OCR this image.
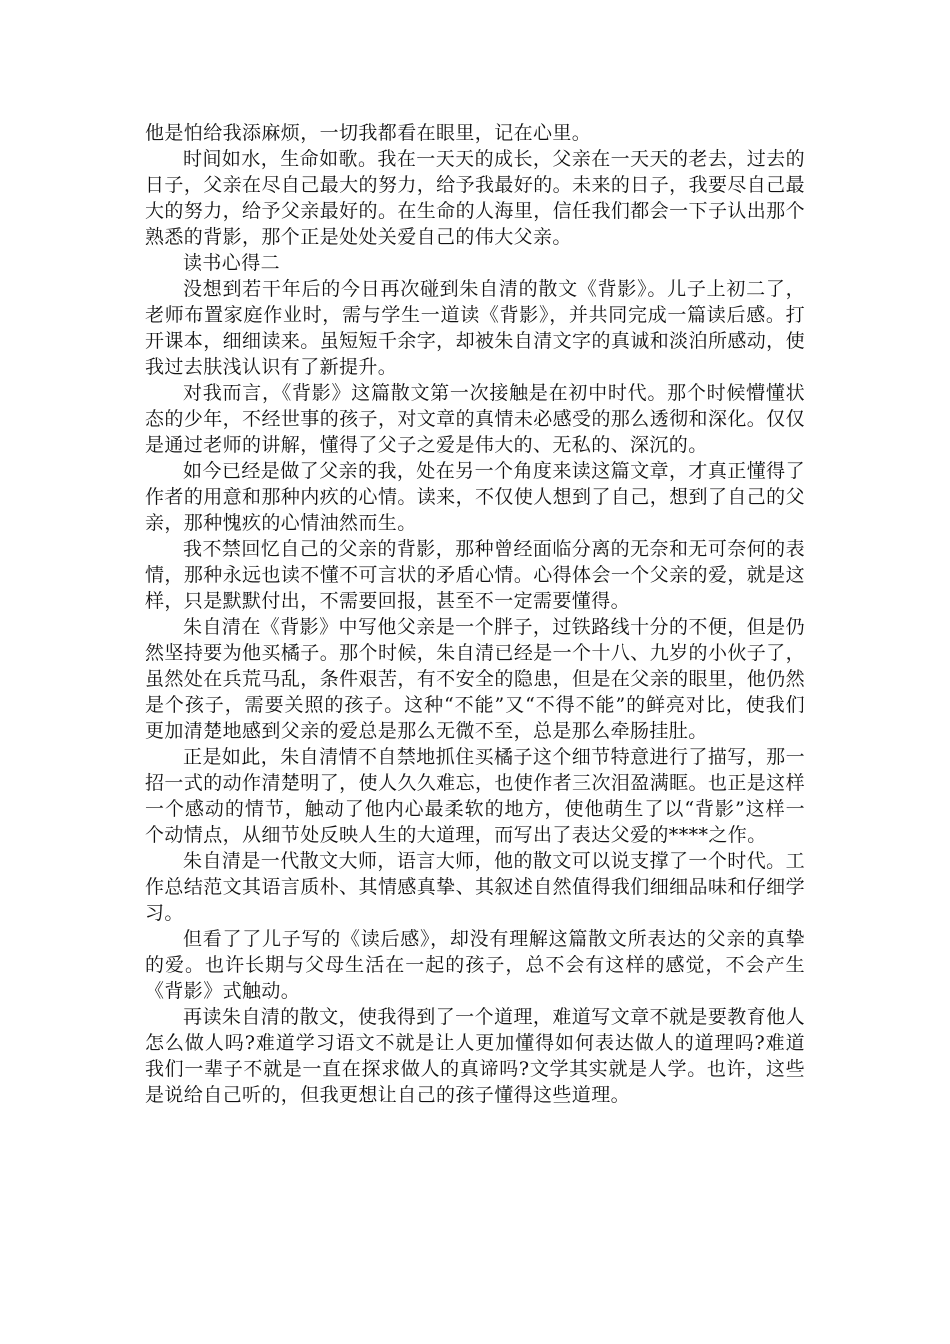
他是怕给我添麻烦，一切我都看在眼里，记在心里。

时间如水，生命如歌。我在一天天的成长，父亲在一天天的老去，过去的日子，父亲在尽自己最大的努力，给予我最好的。未来的日子，我要尽自己最大的努力，给予父亲最好的。在生命的人海里，信任我们都会一下子认出那个熟悉的背影，那个正是处处关爱自己的伟大父亲。

读书心得二

没想到若干年后的今日再次碰到朱自清的散文《背影》。儿子上初二了，老师布置家庭作业时，需与学生一道读《背影》，并共同完成一篇读后感。打开课本，细细读来。虽短短千余字，却被朱自清文字的真诚和淡泊所感动，使我过去肤浅认识有了新提升。

对我而言，《背影》这篇散文第一次接触是在初中时代。那个时候懵懂状态的少年，不经世事的孩子，对文章的真情未必感受的那么透彻和深化。仅仅是通过老师的讲解，懂得了父子之爱是伟大的、无私的、深沉的。

如今已经是做了父亲的我，处在另一个角度来读这篇文章，才真正懂得了作者的用意和那种内疚的心情。读来，不仅使人想到了自己，想到了自己的父亲，那种愧疚的心情油然而生。

我不禁回忆自己的父亲的背影，那种曾经面临分离的无奈和无可奈何的表情，那种永远也读不懂不可言状的矛盾心情。心得体会一个父亲的爱，就是这样，只是默默付出，不需要回报，甚至不一定需要懂得。

朱自清在《背影》中写他父亲是一个胖子，过铁路线十分的不便，但是仍然坚持要为他买橘子。那个时候，朱自清已经是一个十八、九岁的小伙子了，虽然处在兵荒马乱，条件艰苦，有不安全的隐患，但是在父亲的眼里，他仍然是个孩子，需要关照的孩子。这种“不能”又“不得不能”的鲜亮对比，使我们更加清楚地感到父亲的爱总是那么无微不至，总是那么牵肠挂肚。

正是如此，朱自清情不自禁地抓住买橘子这个细节特意进行了描写，那一招一式的动作清楚明了，使人久久难忘，也使作者三次泪盈满眶。也正是这样一个感动的情节，触动了他内心最柔软的地方，使他萌生了以“背影”这样一个动情点，从细节处反映人生的大道理，而写出了表达父爱的****之作。

朱自清是一代散文大师，语言大师，他的散文可以说支撑了一个时代。工作总结范文其语言质朴、其情感真挚、其叙述自然值得我们细细品味和仔细学习。

但看了了儿子写的《读后感》，却没有理解这篇散文所表达的父亲的真挚的爱。也许长期与父母生活在一起的孩子，总不会有这样的感觉，不会产生《背影》式触动。

再读朱自清的散文，使我得到了一个道理，难道写文章不就是要教育他人怎么做人吗?难道学习语文不就是让人更加懂得如何表达做人的道理吗?难道我们一辈子不就是一直在探求做人的真谛吗?文学其实就是人学。也许，这些是说给自己听的，但我更想让自己的孩子懂得这些道理。
